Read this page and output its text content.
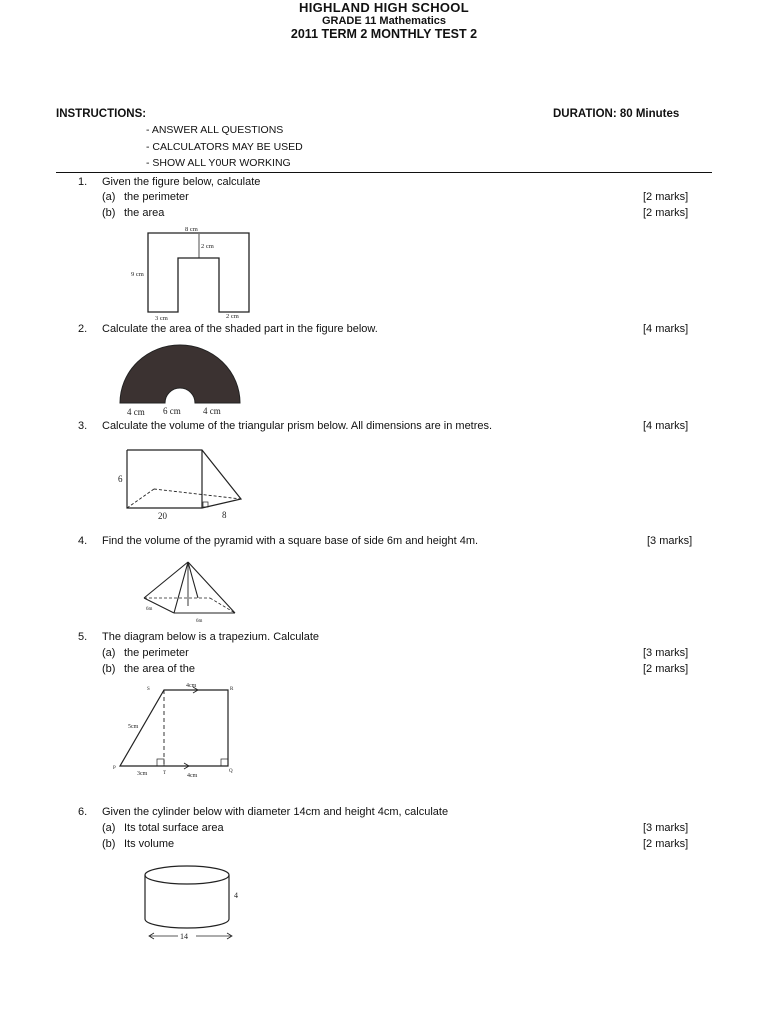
HIGHLAND HIGH SCHOOL
GRADE 11 Mathematics
2011 TERM 2 MONTHLY TEST 2
INSTRUCTIONS:	DURATION: 80 Minutes
- ANSWER ALL QUESTIONS
- CALCULATORS MAY BE USED
- SHOW ALL Y0UR WORKING
1. Given the figure below, calculate
(a) the perimeter	[2 marks]
(b) the area	[2 marks]
8 cm
2 cm
9 cm
3 cm	2 cm
2. Calculate the area of the shaded part in the figure below.	[4 marks]
4 cm 6 cm 4 cm
3. Calculate the volume of the triangular prism below. All dimensions are in metres.	[4 marks]
6
20	8
4. Find the volume of the pyramid with a square base of side 6m and height 4m.	[3 marks]
6m
6m
5. The diagram below is a trapezium. Calculate
(a) the perimeter	[3 marks]
(b) the area of the	[2 marks]
4cm
S	R
5cm
P
T	Q
3cm	4cm
6. Given the cylinder below with diameter 14cm and height 4cm, calculate
(a) Its total surface area	[3 marks]
(b) Its volume	[2 marks]
4
14
